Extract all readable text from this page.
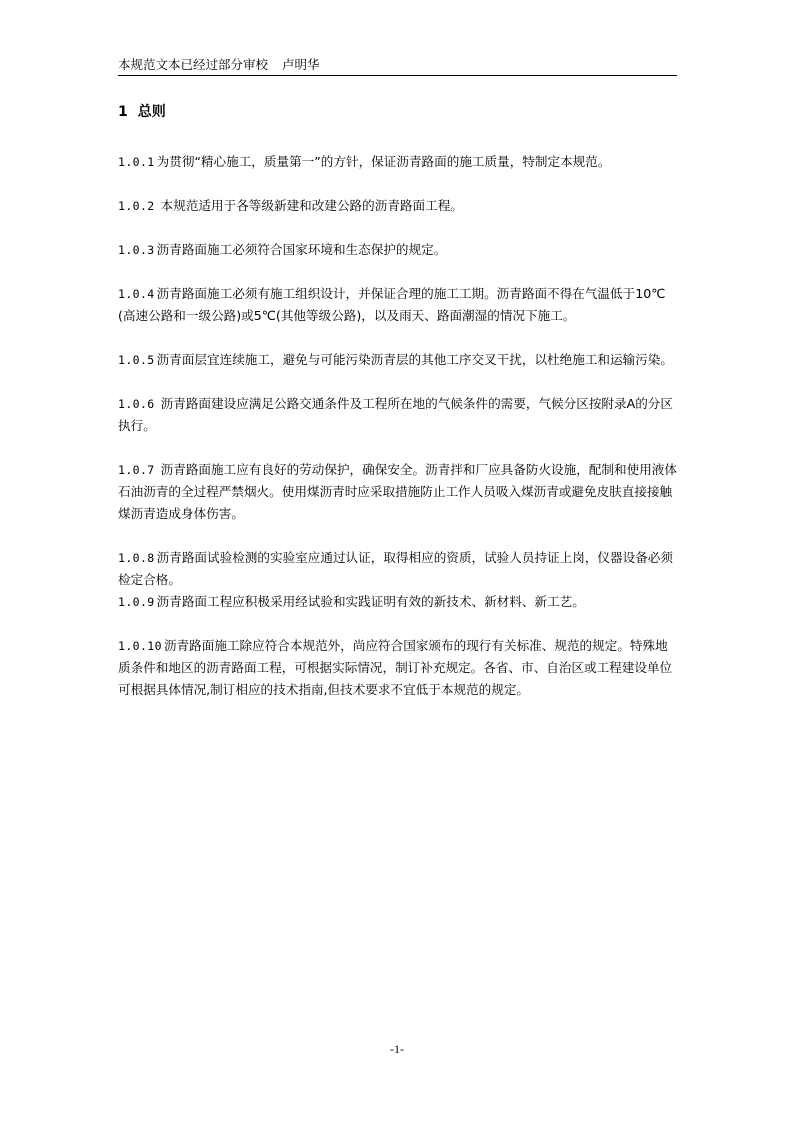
本规范文本已经过部分审校 卢明华
1 总则

1.0.1 为贯彻“精心施工，质量第一”的方针，保证沥青路面的施工质量，特制定本规范。

1.0.2 本规范适用于各等级新建和改建公路的沥青路面工程。

1.0.3 沥青路面施工必须符合国家环境和生态保护的规定。

1.0.4 沥青路面施工必须有施工组织设计，并保证合理的施工工期。沥青路面不得在气温低于10℃(高速公路和一级公路)或5℃(其他等级公路)，以及雨天、路面潮湿的情况下施工。

1.0.5 沥青面层宜连续施工，避免与可能污染沥青层的其他工序交叉干扰，以杜绝施工和运输污染。

1.0.6 沥青路面建设应满足公路交通条件及工程所在地的气候条件的需要，气候分区按附录A的分区执行。

1.0.7 沥青路面施工应有良好的劳动保护，确保安全。沥青拌和厂应具备防火设施，配制和使用液体石油沥青的全过程严禁烟火。使用煤沥青时应采取措施防止工作人员吸入煤沥青或避免皮肤直接接触煤沥青造成身体伤害。

1.0.8 沥青路面试验检测的实验室应通过认证，取得相应的资质，试验人员持证上岗，仪器设备必须检定合格。

1.0.9 沥青路面工程应积极采用经试验和实践证明有效的新技术、新材料、新工艺。

1.0.10 沥青路面施工除应符合本规范外，尚应符合国家颁布的现行有关标准、规范的规定。特殊地质条件和地区的沥青路面工程，可根据实际情况，制订补充规定。各省、市、自治区或工程建设单位可根据具体情况,制订相应的技术指南,但技术要求不宜低于本规范的规定。

-1-
